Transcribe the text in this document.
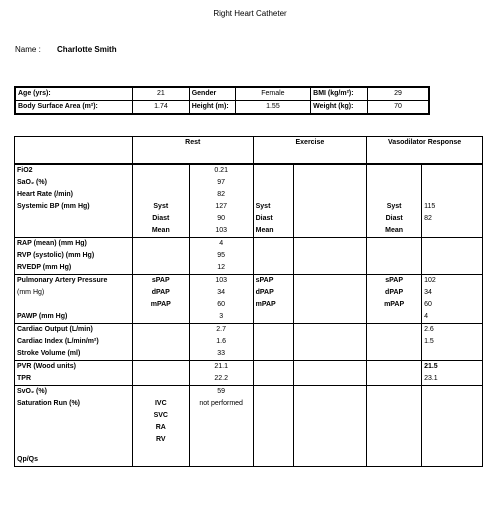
Right Heart Catheter
Name : Charlotte Smith
Age (yrs):	21	Gender	Female	BMI (kg/m²):	29
Body Surface Area (m²):	1.74	Height (m):	1.55	Weight (kg):	70
	Rest		Exercise		Vasodilator Response	
FiO2		0.21				
SaO₂ (%)		97				
Heart Rate (/min)		82				
Systemic BP (mm Hg)	Syst	127	Syst		Syst	115
	Diast	90	Diast		Diast	82
	Mean	103	Mean		Mean	
RAP (mean) (mm Hg)		4				
RVP (systolic) (mm Hg)		95				
RVEDP (mm Hg)		12				
Pulmonary Artery Pressure	sPAP	103	sPAP		sPAP	102
(mm Hg)	dPAP	34	dPAP		dPAP	34
	mPAP	60	mPAP		mPAP	60
PAWP (mm Hg)		3				4
Cardiac Output (L/min)		2.7				2.6
Cardiac Index (L/min/m²)		1.6				1.5
Stroke Volume (ml)		33				
PVR (Wood units)		21.1				21.5
TPR		22.2				23.1
SvO₂ (%)		59				
Saturation Run (%)	IVC	not performed				
	SVC					
	RA					
	RV					
Qp/Qs						
